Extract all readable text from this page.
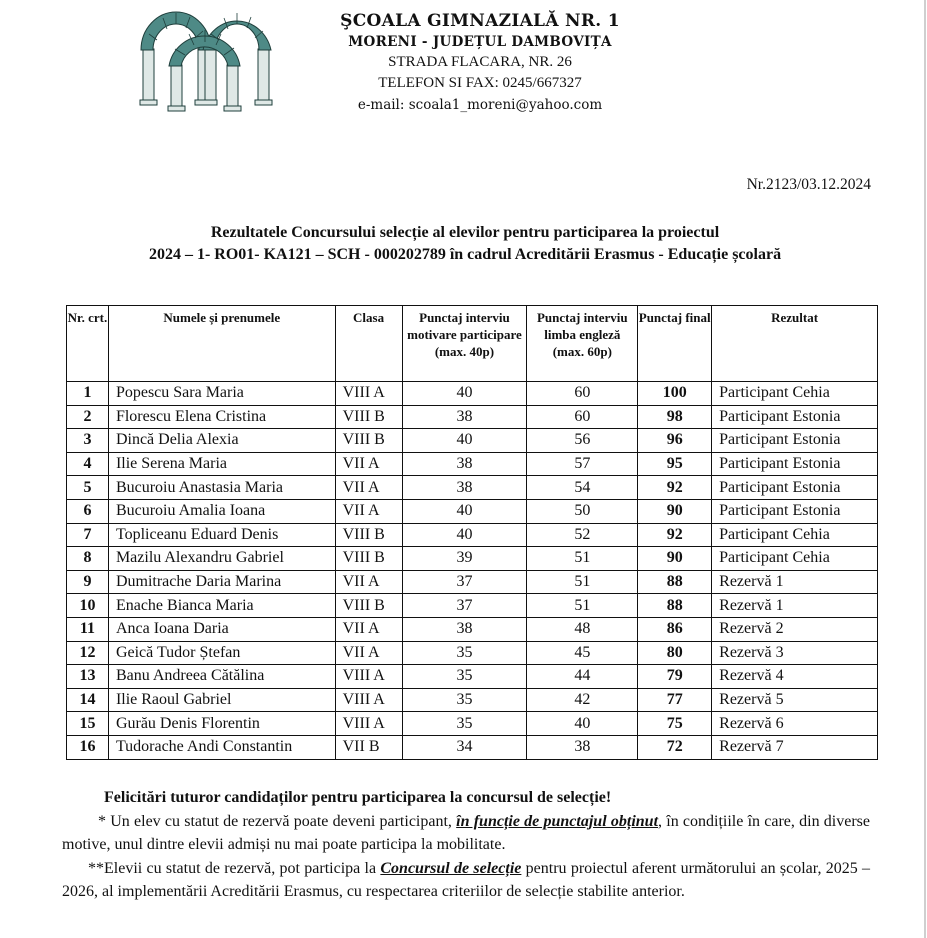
ŞCOALA GIMNAZIALĂ NR. 1
MORENI - JUDEȚUL DAMBOVIȚA
STRADA FLACARA, NR. 26
TELEFON SI FAX: 0245/667327
e-mail: scoala1_moreni@yahoo.com
Nr.2123/03.12.2024
Rezultatele Concursului selecție al elevilor pentru participarea la proiectul
2024 – 1- RO01- KA121 – SCH - 000202789 în cadrul Acreditării Erasmus - Educație școlară
Nr. crt.	Numele și prenumele	Clasa	Punctaj interviu motivare participare (max. 40p)	Punctaj interviu limba engleză (max. 60p)	Punctaj final	Rezultat
1	Popescu Sara Maria	VIII A	40	60	100	Participant Cehia
2	Florescu Elena Cristina	VIII B	38	60	98	Participant Estonia
3	Dincă Delia Alexia	VIII B	40	56	96	Participant Estonia
4	Ilie Serena Maria	VII A	38	57	95	Participant Estonia
5	Bucuroiu Anastasia Maria	VII A	38	54	92	Participant Estonia
6	Bucuroiu Amalia Ioana	VII A	40	50	90	Participant Estonia
7	Topliceanu Eduard Denis	VIII B	40	52	92	Participant Cehia
8	Mazilu Alexandru Gabriel	VIII B	39	51	90	Participant Cehia
9	Dumitrache Daria Marina	VII A	37	51	88	Rezervă 1
10	Enache Bianca Maria	VIII B	37	51	88	Rezervă 1
11	Anca Ioana Daria	VII A	38	48	86	Rezervă 2
12	Geică Tudor Ștefan	VII A	35	45	80	Rezervă 3
13	Banu Andreea Cătălina	VIII A	35	44	79	Rezervă 4
14	Ilie Raoul Gabriel	VIII A	35	42	77	Rezervă 5
15	Gurău Denis Florentin	VIII A	35	40	75	Rezervă 6
16	Tudorache Andi Constantin	VII B	34	38	72	Rezervă 7

Felicitări tuturor candidaților pentru participarea la concursul de selecție!

* Un elev cu statut de rezervă poate deveni participant, în funcție de punctajul obținut, în condițiile în care, din diverse motive, unul dintre elevii admiși nu mai poate participa la mobilitate.

**Elevii cu statut de rezervă, pot participa la Concursul de selecție pentru proiectul aferent următorului an școlar, 2025 – 2026, al implementării Acreditării Erasmus, cu respectarea criteriilor de selecție stabilite anterior.
